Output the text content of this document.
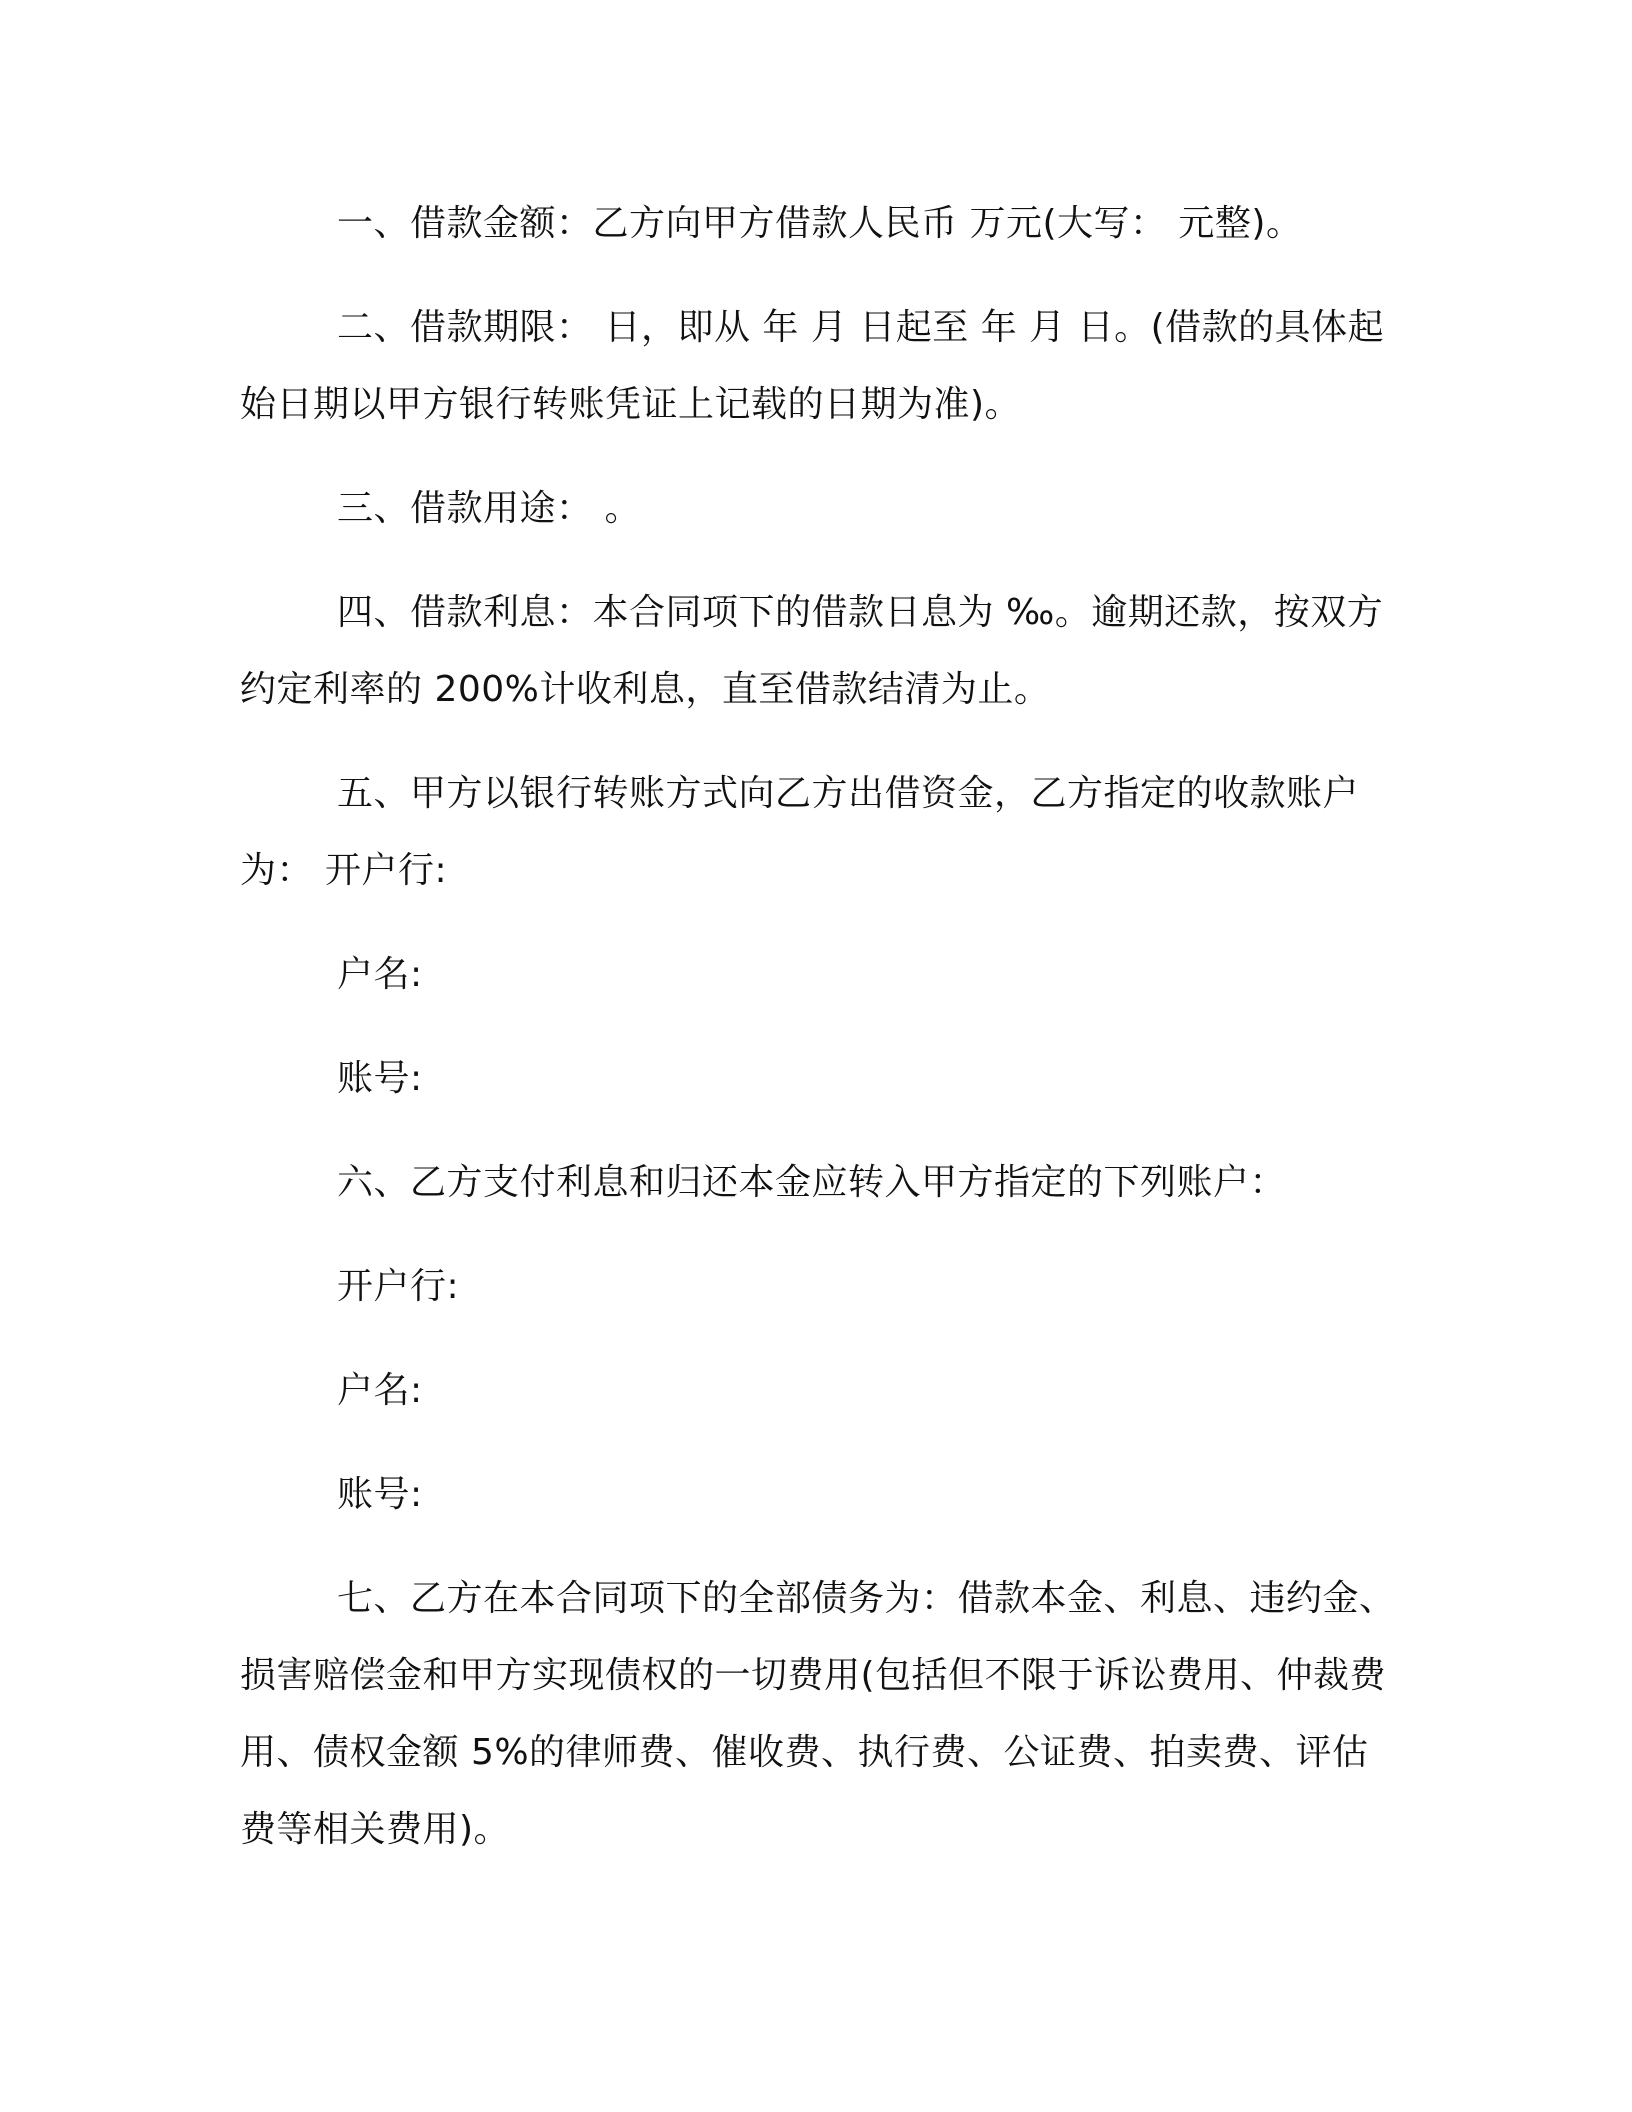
一、借款金额：乙方向甲方借款人民币 万元(大写： 元整)。

二、借款期限： 日，即从 年 月 日起至 年 月 日。(借款的具体起始日期以甲方银行转账凭证上记载的日期为准)。

三、借款用途： 。

四、借款利息：本合同项下的借款日息为 ‰。逾期还款，按双方约定利率的 200%计收利息，直至借款结清为止。

五、甲方以银行转账方式向乙方出借资金，乙方指定的收款账户为： 开户行:

户名:

账号:

六、乙方支付利息和归还本金应转入甲方指定的下列账户：

开户行:

户名:

账号:

七、乙方在本合同项下的全部债务为：借款本金、利息、违约金、损害赔偿金和甲方实现债权的一切费用(包括但不限于诉讼费用、仲裁费用、债权金额 5%的律师费、催收费、执行费、公证费、拍卖费、评估费等相关费用)。
